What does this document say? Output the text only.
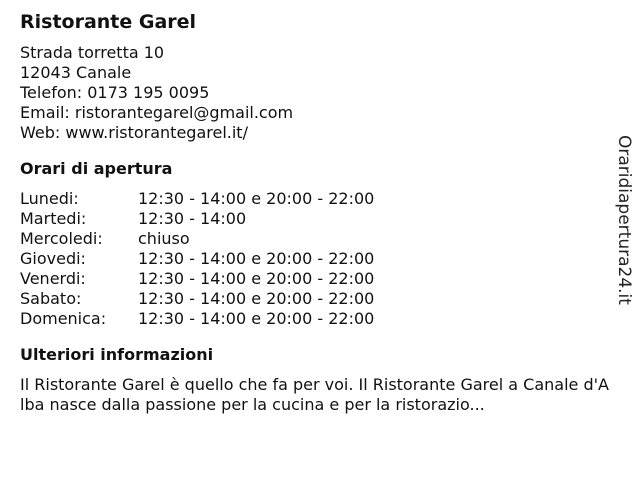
Ristorante Garel
Strada torretta 10
12043 Canale
Telefon: 0173 195 0095
Email: ristorantegarel@gmail.com
Web: www.ristorantegarel.it/
Orari di apertura
Lunedi:	12:30 - 14:00 e 20:00 - 22:00
Martedi:	12:30 - 14:00
Mercoledi:	chiuso
Giovedi:	12:30 - 14:00 e 20:00 - 22:00
Venerdi:	12:30 - 14:00 e 20:00 - 22:00
Sabato:	12:30 - 14:00 e 20:00 - 22:00
Domenica:	12:30 - 14:00 e 20:00 - 22:00
Ulteriori informazioni
Il Ristorante Garel è quello che fa per voi. Il Ristorante Garel a Canale d'Alba nasce dalla passione per la cucina e per la ristorazio...
Oraridiapertura24.it
